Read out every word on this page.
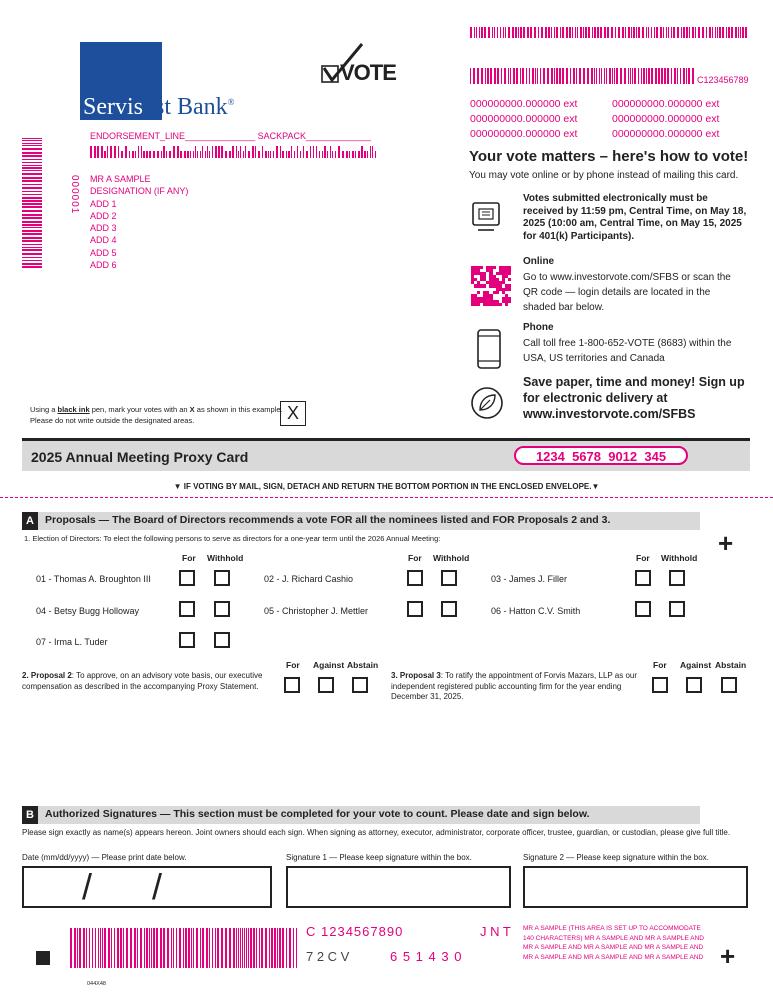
Servis1st Bank®
VOTE	C123456789
000000000.000000 ext
000000000.000000 ext
000000000.000000 ext
000000000.000000 ext
000000000.000000 ext
000000000.000000 ext
ENDORSEMENT_LINE______________ SACKPACK_____________
000001 MR A SAMPLE
DESIGNATION (IF ANY)
ADD 1
ADD 2
ADD 3
ADD 4
ADD 5
ADD 6
Your vote matters – here's how to vote!
You may vote online or by phone instead of mailing this card.
Votes submitted electronically must be received by 11:59 pm, Central Time, on May 18, 2025 (10:00 am, Central Time, on May 15, 2025 for 401(k) Participants).
Online
Go to www.investorvote.com/SFBS or scan the QR code — login details are located in the shaded bar below.
Phone
Call toll free 1-800-652-VOTE (8683) within the USA, US territories and Canada
Save paper, time and money! Sign up for electronic delivery at www.investorvote.com/SFBS
Using a black ink pen, mark your votes with an X as shown in this example.
Please do not write outside the designated areas.	X
2025 Annual Meeting Proxy Card	1234  5678  9012  345
▼ IF VOTING BY MAIL, SIGN, DETACH AND RETURN THE BOTTOM PORTION IN THE ENCLOSED ENVELOPE.▼
A	Proposals — The Board of Directors recommends a vote FOR all the nominees listed and FOR Proposals 2 and 3.
1. Election of Directors: To elect the following persons to serve as directors for a one-year term until the 2026 Annual Meeting:	+
For Withhold	For Withhold	For Withhold
01 - Thomas A. Broughton III	02 - J. Richard Cashio	03 - James J. Filler
04 - Betsy Bugg Holloway	05 - Christopher J. Mettler	06 - Hatton C.V. Smith
07 - Irma L. Tuder
2. Proposal 2: To approve, on an advisory vote basis, our executive compensation as described in the accompanying Proxy Statement.
For Against Abstain
3. Proposal 3: To ratify the appointment of Forvis Mazars, LLP as our independent registered public accounting firm for the year ending December 31, 2025.
For Against Abstain
B	Authorized Signatures — This section must be completed for your vote to count. Please date and sign below.
Please sign exactly as name(s) appears hereon. Joint owners should each sign. When signing as attorney, executor, administrator, corporate officer, trustee, guardian, or custodian, please give full title.
Date (mm/dd/yyyy) — Please print date below.	Signature 1 — Please keep signature within the box.	Signature 2 — Please keep signature within the box.
/ /
044X48
C 1234567890	J N T
7 2 C V	6 5 1 4 3 0
MR A SAMPLE (THIS AREA IS SET UP TO ACCOMMODATE 140 CHARACTERS) MR A SAMPLE AND MR A SAMPLE AND MR A SAMPLE AND MR A SAMPLE AND MR A SAMPLE AND MR A SAMPLE AND MR A SAMPLE AND MR A SAMPLE AND +
